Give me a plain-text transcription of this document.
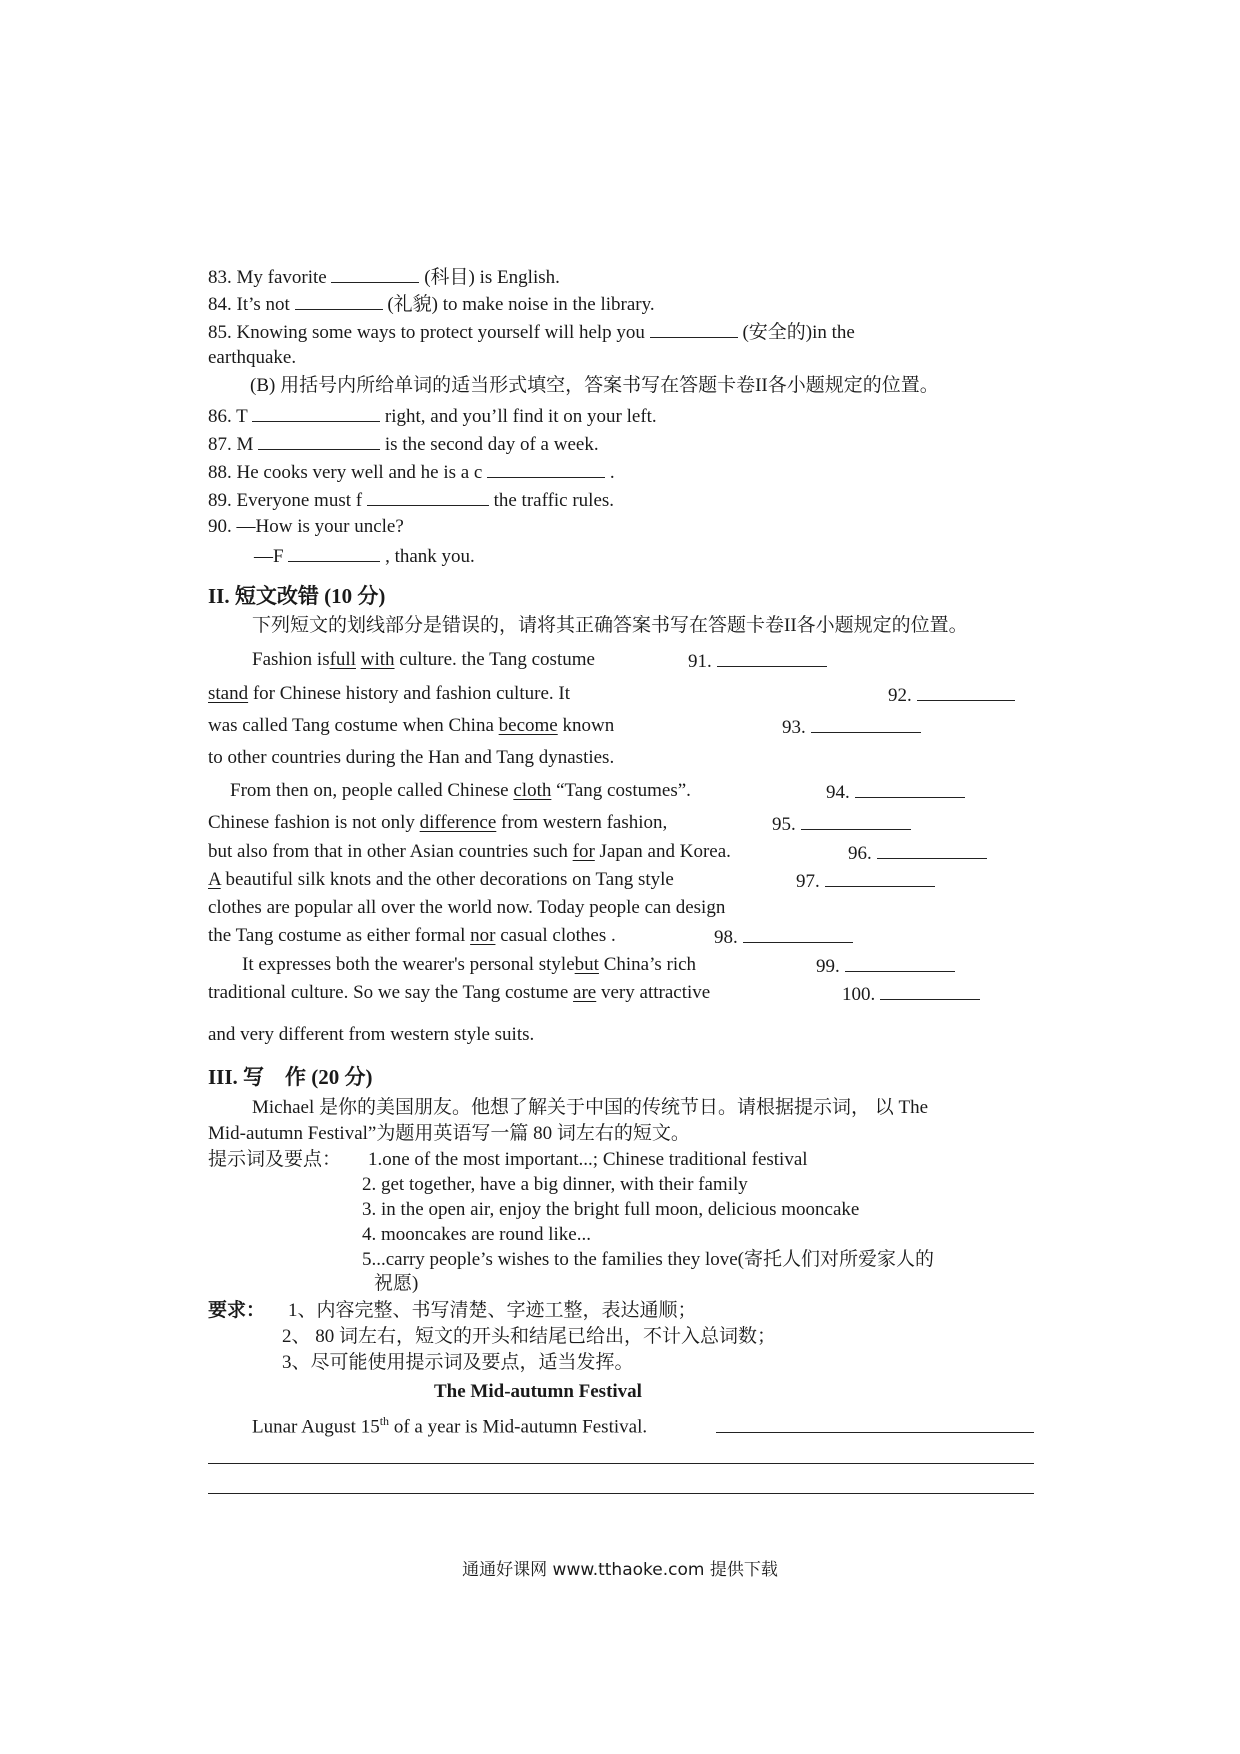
83. My favorite	(科目) is English.
84. It’s not	(礼貌) to make noise in the library.
85. Knowing some ways to protect yourself will help you	(安全的)in the
earthquake.
(B) 用括号内所给单词的适当形式填空，答案书写在答题卡卷II各小题规定的位置。
86. T	right, and you’ll find it on your left.
87. M	is the second day of a week.
88. He cooks very well and he is a c	.
89. Everyone must f	the traffic rules.
90. —How is your uncle?
—F	, thank you.
II. 短文改错 (10 分)
下列短文的划线部分是错误的，请将其正确答案书写在答题卡卷II各小题规定的位置。
Fashion isfull with culture. the Tang costume	91.
stand for Chinese history and fashion culture. It	92.
was called Tang costume when China become known	93.
to other countries during the Han and Tang dynasties.
From then on, people called Chinese cloth “Tang costumes”.	94.
Chinese fashion is not only difference from western fashion,	95.
but also from that in other Asian countries such for Japan and Korea.	96.
A beautiful silk knots and the other decorations on Tang style	97.
clothes are popular all over the world now. Today people can design
the Tang costume as either formal nor casual clothes .	98.
It expresses both the wearer's personal stylebut China’s rich	99.
traditional culture. So we say the Tang costume are very attractive	100.
and very different from western style suits.
III. 写    作 (20 分)
Michael 是你的美国朋友。他想了解关于中国的传统节日。请根据提示词， 以 The
Mid-autumn Festival”为题用英语写一篇 80 词左右的短文。
提示词及要点： 1.one of the most important...; Chinese traditional festival
2. get together, have a big dinner, with their family
3. in the open air, enjoy the bright full moon, delicious mooncake
4. mooncakes are round like...
5...carry people’s wishes to the families they love(寄托人们对所爱家人的
祝愿)
要求： 1、内容完整、书写清楚、字迹工整，表达通顺；
2、 80 词左右，短文的开头和结尾已给出，不计入总词数；
3、尽可能使用提示词及要点，适当发挥。
The Mid-autumn Festival
Lunar August 15th of a year is Mid-autumn Festival.
通通好课网 www.tthaoke.com 提供下载
